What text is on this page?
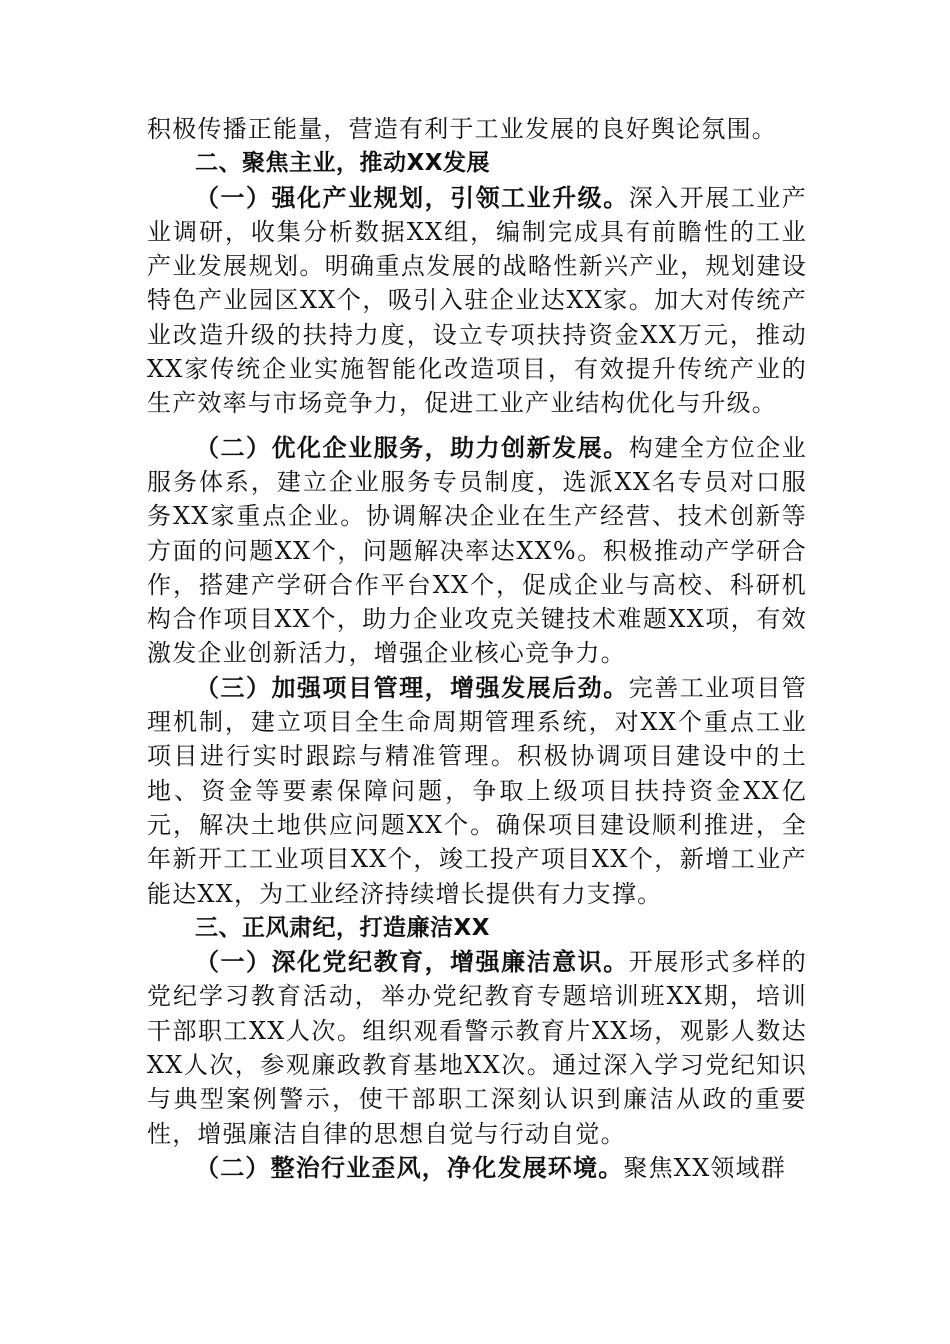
积极传播正能量，营造有利于工业发展的良好舆论氛围。

二、聚焦主业，推动XX发展

（一）强化产业规划，引领工业升级。深入开展工业产业调研，收集分析数据XX组，编制完成具有前瞻性的工业产业发展规划。明确重点发展的战略性新兴产业，规划建设特色产业园区XX个，吸引入驻企业达XX家。加大对传统产业改造升级的扶持力度，设立专项扶持资金XX万元，推动XX家传统企业实施智能化改造项目，有效提升传统产业的生产效率与市场竞争力，促进工业产业结构优化与升级。

（二）优化企业服务，助力创新发展。构建全方位企业服务体系，建立企业服务专员制度，选派XX名专员对口服务XX家重点企业。协调解决企业在生产经营、技术创新等方面的问题XX个，问题解决率达XX%。积极推动产学研合作，搭建产学研合作平台XX个，促成企业与高校、科研机构合作项目XX个，助力企业攻克关键技术难题XX项，有效激发企业创新活力，增强企业核心竞争力。

（三）加强项目管理，增强发展后劲。完善工业项目管理机制，建立项目全生命周期管理系统，对XX个重点工业项目进行实时跟踪与精准管理。积极协调项目建设中的土地、资金等要素保障问题，争取上级项目扶持资金XX亿元，解决土地供应问题XX个。确保项目建设顺利推进，全年新开工工业项目XX个，竣工投产项目XX个，新增工业产能达XX，为工业经济持续增长提供有力支撑。

三、正风肃纪，打造廉洁XX

（一）深化党纪教育，增强廉洁意识。开展形式多样的党纪学习教育活动，举办党纪教育专题培训班XX期，培训干部职工XX人次。组织观看警示教育片XX场，观影人数达XX人次，参观廉政教育基地XX次。通过深入学习党纪知识与典型案例警示，使干部职工深刻认识到廉洁从政的重要性，增强廉洁自律的思想自觉与行动自觉。

（二）整治行业歪风，净化发展环境。聚焦XX领域群
